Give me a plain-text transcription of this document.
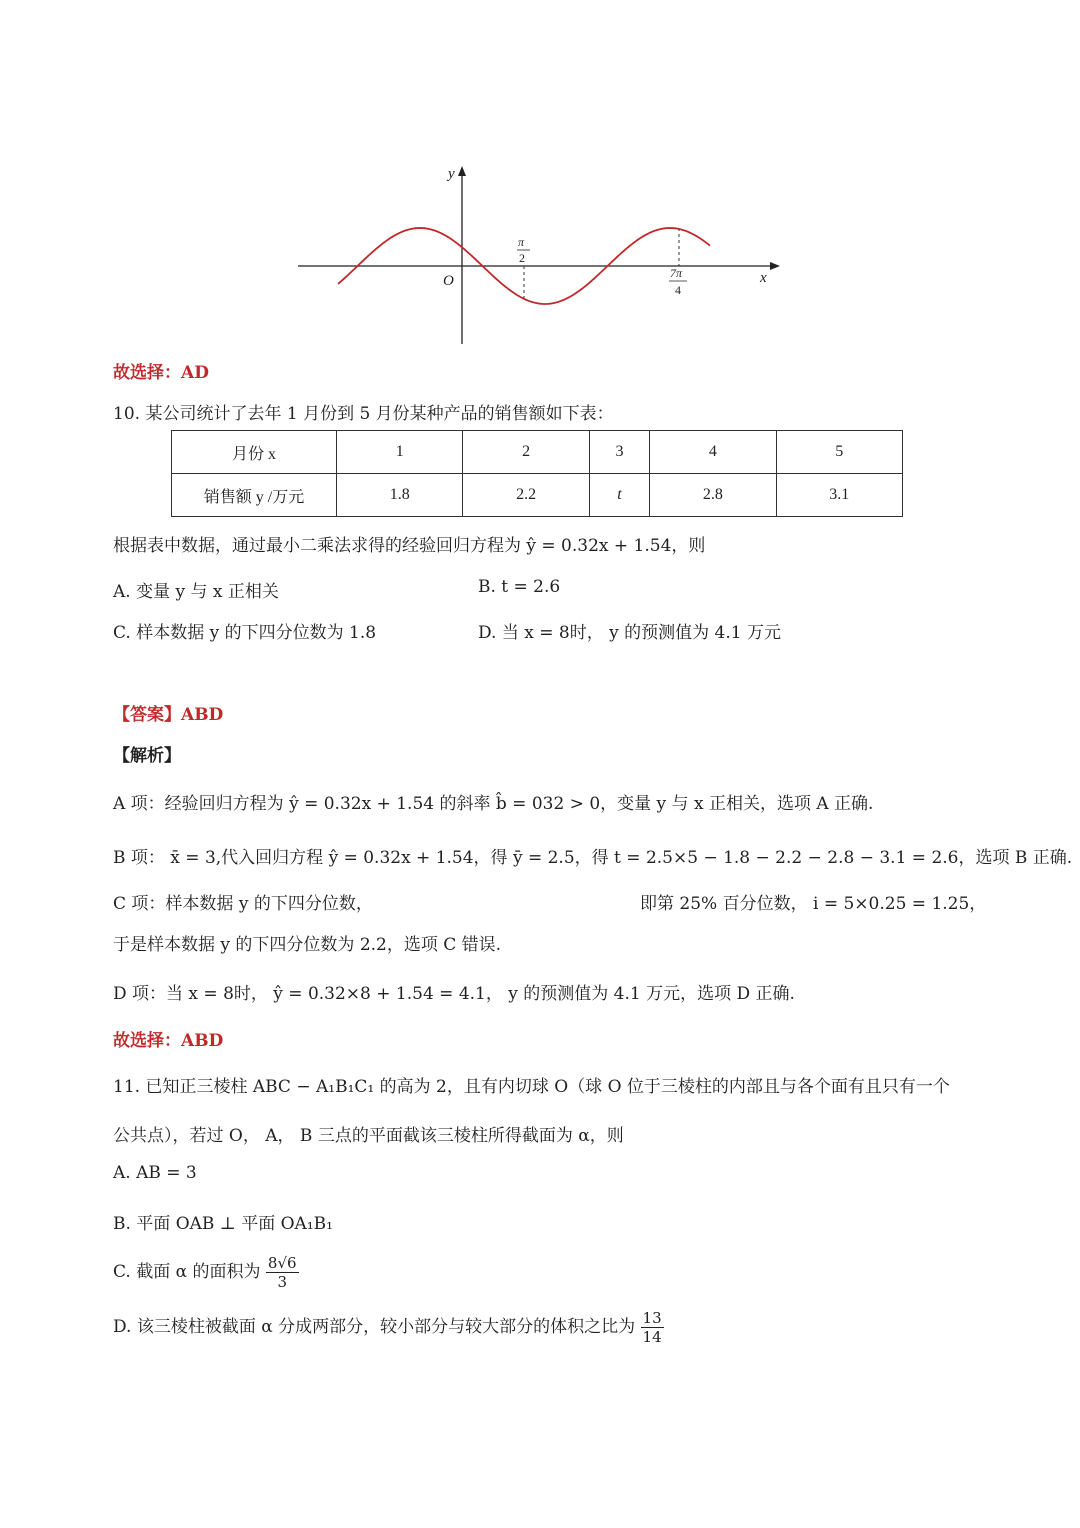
y
x
O
π
2
7π
4
故选择：AD
10. 某公司统计了去年 1 月份到 5 月份某种产品的销售额如下表：
月份 x	1	2	3	4	5
销售额 y /万元	1.8	2.2	t	2.8	3.1
根据表中数据，通过最小二乘法求得的经验回归方程为 ŷ = 0.32x + 1.54，则
A. 变量 y 与 x 正相关	B. t = 2.6
C. 样本数据 y 的下四分位数为 1.8	D. 当 x = 8时， y 的预测值为 4.1 万元
【答案】ABD
【解析】
A 项：经验回归方程为 ŷ = 0.32x + 1.54 的斜率 b̂ = 032 > 0，变量 y 与 x 正相关，选项 A 正确.
B 项： x̄ = 3,代入回归方程 ŷ = 0.32x + 1.54，得 ȳ = 2.5，得 t = 2.5×5 − 1.8 − 2.2 − 2.8 − 3.1 = 2.6，选项 B 正确.
C 项：样本数据 y 的下四分位数，	即第 25% 百分位数， i = 5×0.25 = 1.25，
于是样本数据 y 的下四分位数为 2.2，选项 C 错误.
D 项：当 x = 8时， ŷ = 0.32×8 + 1.54 = 4.1， y 的预测值为 4.1 万元，选项 D 正确.
故选择：ABD
11. 已知正三棱柱 ABC − A₁B₁C₁ 的高为 2，且有内切球 O（球 O 位于三棱柱的内部且与各个面有且只有一个
公共点），若过 O， A， B 三点的平面截该三棱柱所得截面为 α，则
A. AB = 3
B. 平面 OAB ⊥ 平面 OA₁B₁
C. 截面 α 的面积为 $\frac{8√6}{3}$
D. 该三棱柱被截面 α 分成两部分，较小部分与较大部分的体积之比为 $\frac{13}{14}$
